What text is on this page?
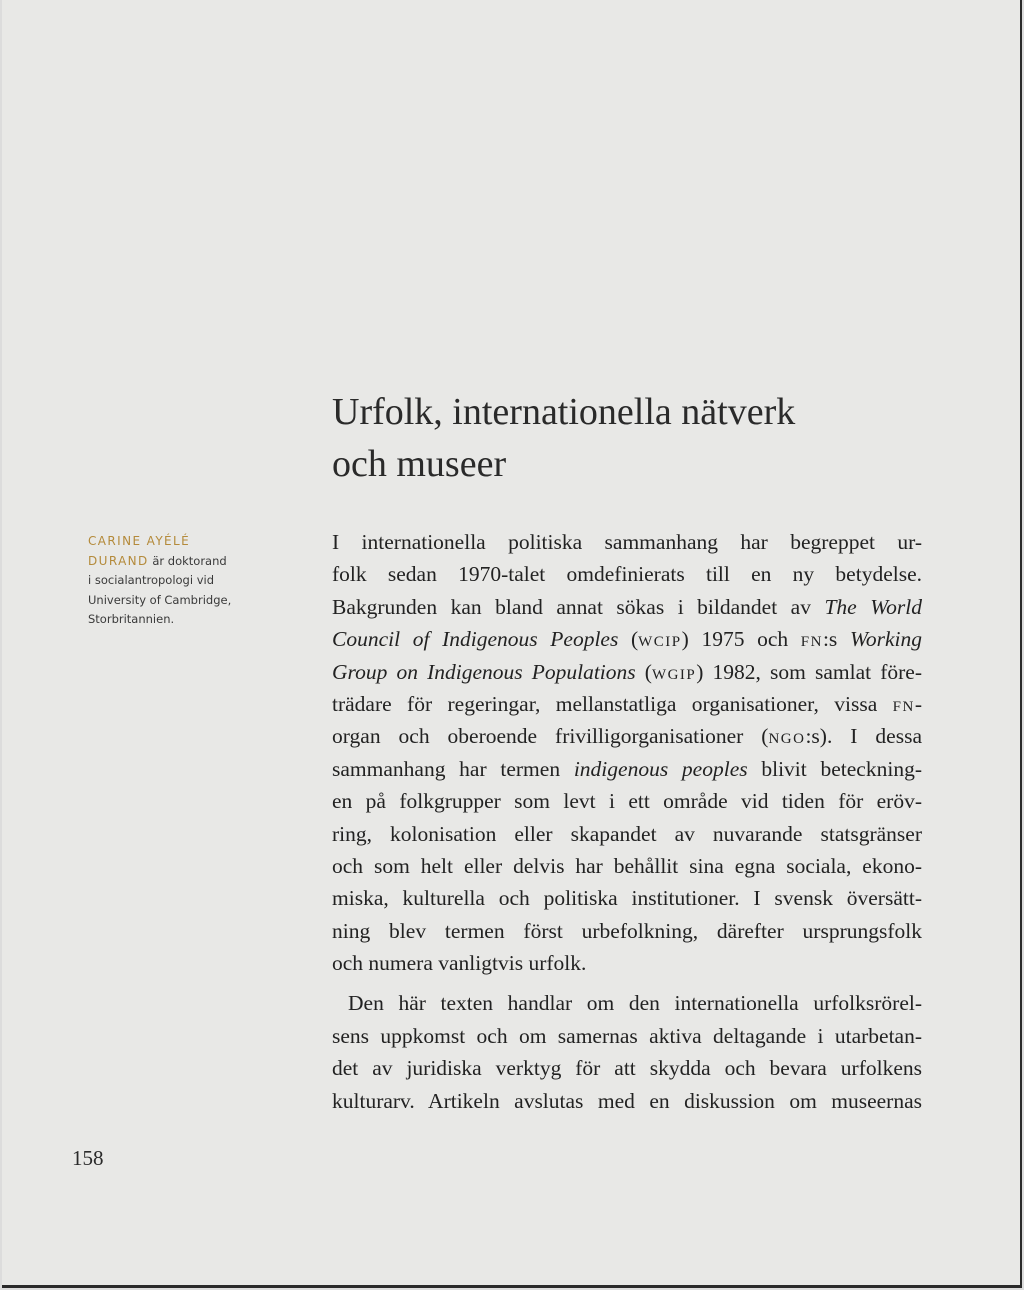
Urfolk, internationella nätverk
och museer
CARINE AYÉLÉ
DURAND är doktorand
i socialantropologi vid
University of Cambridge,
Storbritannien.
I internationella politiska sammanhang har begreppet ur-
folk sedan 1970-talet omdefinierats till en ny betydelse.
Bakgrunden kan bland annat sökas i bildandet av The World
Council of Indigenous Peoples (wcip) 1975 och fn:s Working
Group on Indigenous Populations (wgip) 1982, som samlat före-
trädare för regeringar, mellanstatliga organisationer, vissa fn-
organ och oberoende frivilligorganisationer (ngo:s). I dessa
sammanhang har termen indigenous peoples blivit beteckning-
en på folkgrupper som levt i ett område vid tiden för eröv-
ring, kolonisation eller skapandet av nuvarande statsgränser
och som helt eller delvis har behållit sina egna sociala, ekono-
miska, kulturella och politiska institutioner. I svensk översätt-
ning blev termen först urbefolkning, därefter ursprungsfolk
och numera vanligtvis urfolk.
Den här texten handlar om den internationella urfolksrörel-
sens uppkomst och om samernas aktiva deltagande i utarbetan-
det av juridiska verktyg för att skydda och bevara urfolkens
kulturarv. Artikeln avslutas med en diskussion om museernas
158
